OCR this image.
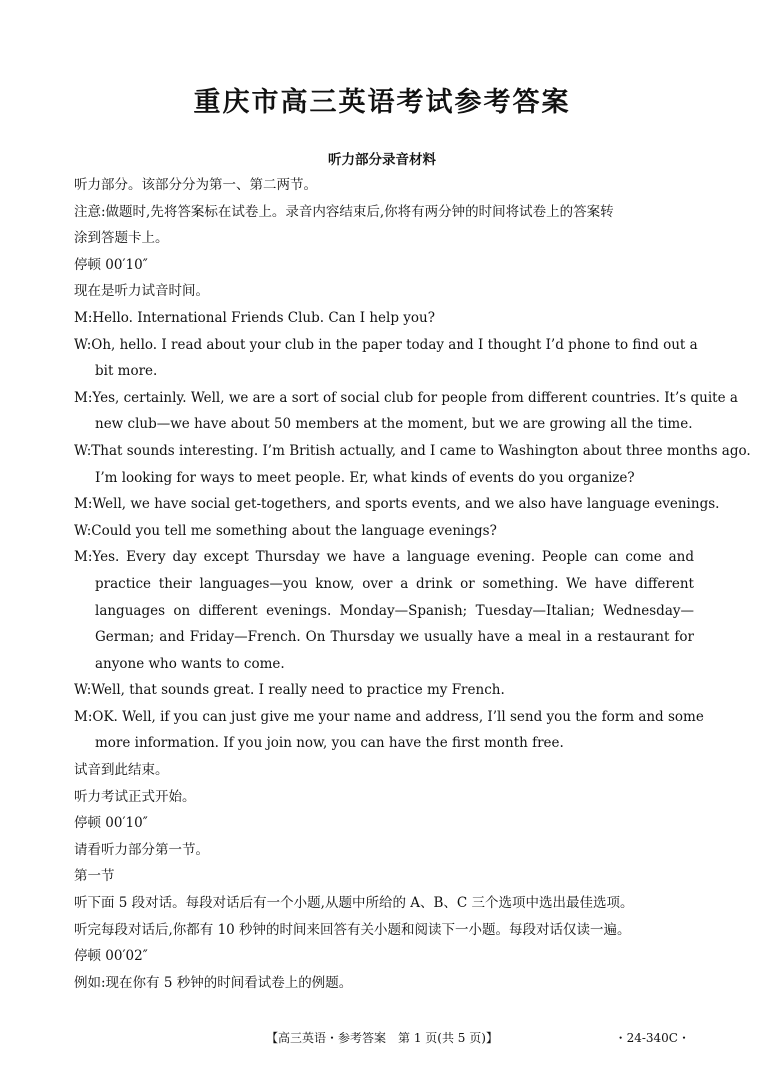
重庆市高三英语考试参考答案
听力部分录音材料
听力部分。该部分分为第一、第二两节。
注意:做题时,先将答案标在试卷上。录音内容结束后,你将有两分钟的时间将试卷上的答案转
涂到答题卡上。
停顿 00′10″
现在是听力试音时间。
M:Hello. International Friends Club. Can I help you?
W:Oh, hello. I read about your club in the paper today and I thought I’d phone to find out a
bit more.
M:Yes, certainly. Well, we are a sort of social club for people from different countries. It’s quite a
new club—we have about 50 members at the moment, but we are growing all the time.
W:That sounds interesting. I’m British actually, and I came to Washington about three months ago.
I’m looking for ways to meet people. Er, what kinds of events do you organize?
M:Well, we have social get-togethers, and sports events, and we also have language evenings.
W:Could you tell me something about the language evenings?
M:Yes. Every day except Thursday we have a language evening. People can come and
practice their languages—you know, over a drink or something. We have different
languages on different evenings. Monday—Spanish; Tuesday—Italian; Wednesday—
German; and Friday—French. On Thursday we usually have a meal in a restaurant for
anyone who wants to come.
W:Well, that sounds great. I really need to practice my French.
M:OK. Well, if you can just give me your name and address, I’ll send you the form and some
more information. If you join now, you can have the first month free.
试音到此结束。
听力考试正式开始。
停顿 00′10″
请看听力部分第一节。
第一节
听下面 5 段对话。每段对话后有一个小题,从题中所给的 A、B、C 三个选项中选出最佳选项。
听完每段对话后,你都有 10 秒钟的时间来回答有关小题和阅读下一小题。每段对话仅读一遍。
停顿 00′02″
例如:现在你有 5 秒钟的时间看试卷上的例题。
【高三英语・参考答案　第 1 页(共 5 页)】	・24-340C・
